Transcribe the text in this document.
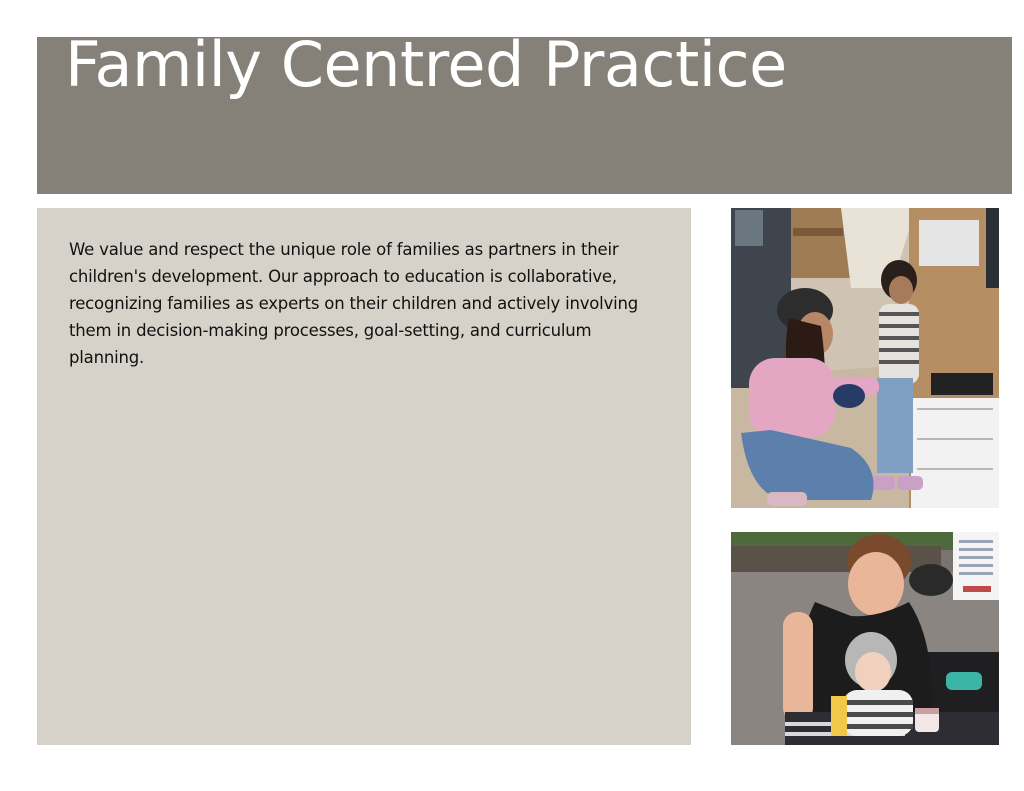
Family Centred Practice

We value and respect the unique role of families as partners in their children's development. Our approach to education is collaborative, recognizing families as experts on their children and actively involving them in decision-making processes, goal-setting, and curriculum planning.
